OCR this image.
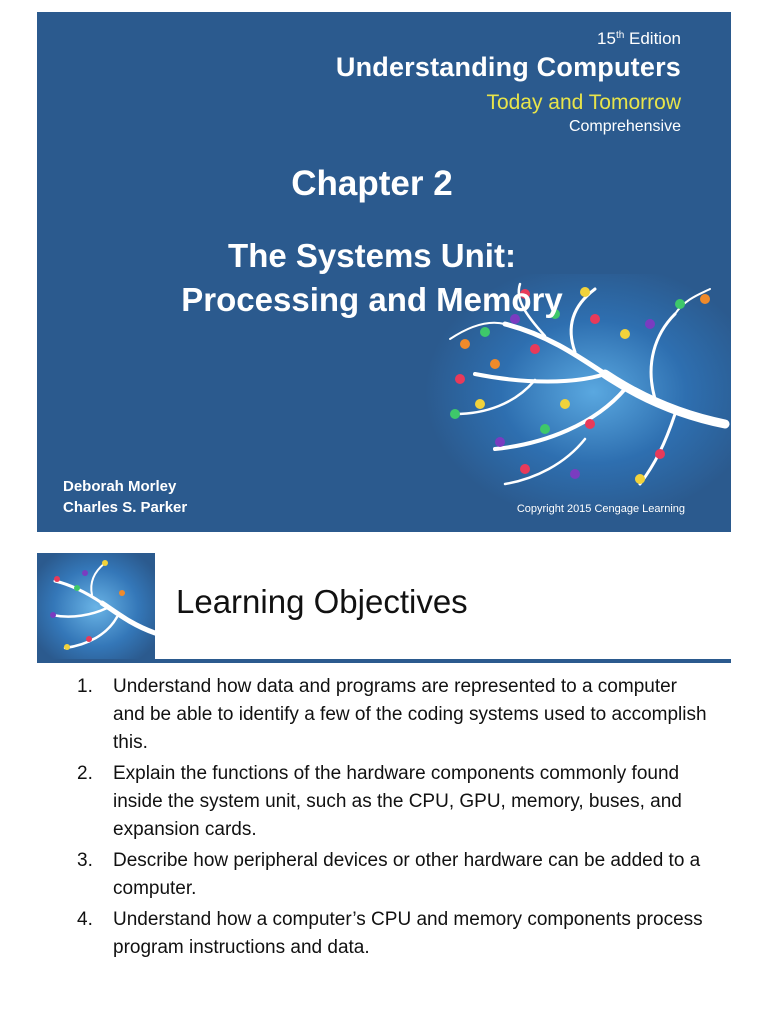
15th Edition
Understanding Computers
Today and Tomorrow
Comprehensive
Chapter 2
The Systems Unit:
Processing and Memory
Deborah Morley
Charles S. Parker	Copyright 2015 Cengage Learning
Learning Objectives
1. Understand how data and programs are represented to a computer and be able to identify a few of the coding systems used to accomplish this.
2. Explain the functions of the hardware components commonly found inside the system unit, such as the CPU, GPU, memory, buses, and expansion cards.
3. Describe how peripheral devices or other hardware can be added to a computer.
4. Understand how a computer’s CPU and memory components process program instructions and data.
